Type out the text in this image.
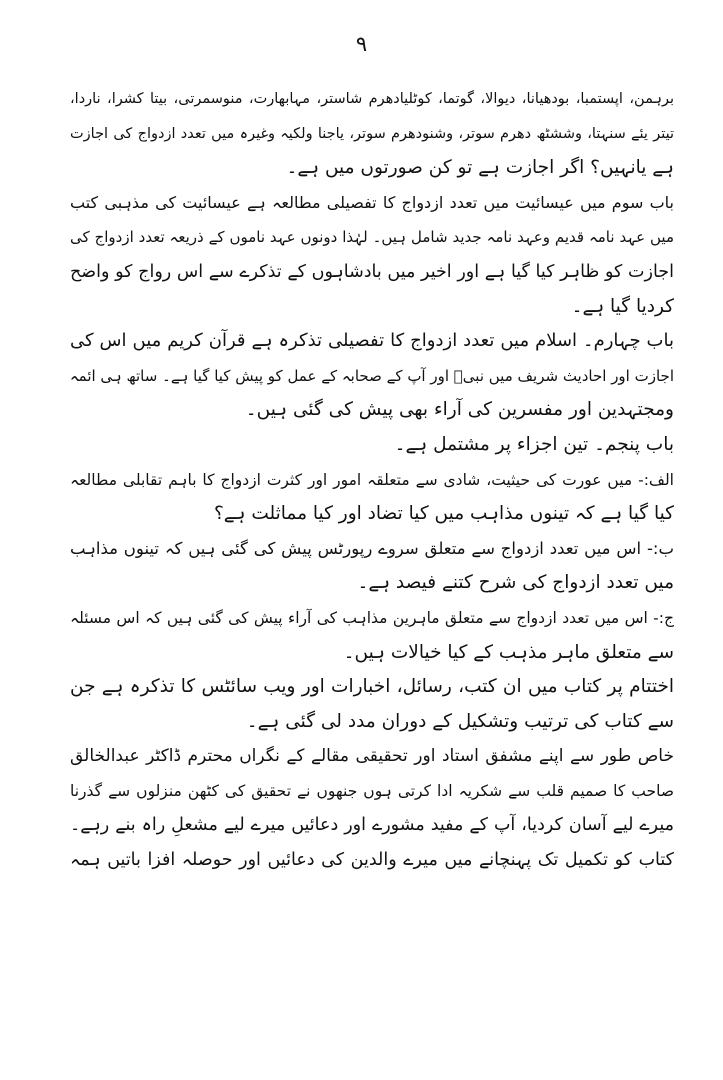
۹
برہمن، اپستمبا، بودھیانا، دیوالا، گوتما، کوٹلیادھرم شاستر، مہابھارت، منوسمرتی، بیتا کشرا، ناردا،
تیتر یئے سنہتا، وششٹھ دھرم سوتر، وشنودھرم سوتر، یاجنا ولکیہ وغیرہ میں تعدد ازدواج کی اجازت
ہے یانہیں؟ اگر اجازت ہے تو کن صورتوں میں ہے۔
باب سوم میں عیسائیت میں تعدد ازدواج کا تفصیلی مطالعہ ہے عیسائیت کی مذہبی کتب
میں عہد نامہ قدیم وعہد نامہ جدید شامل ہیں۔ لہٰذا دونوں عہد ناموں کے ذریعہ تعدد ازدواج کی
اجازت کو ظاہر کیا گیا ہے اور اخیر میں بادشاہوں کے تذکرے سے اس رواج کو واضح
کردیا گیا ہے۔
باب چہارم۔ اسلام میں تعدد ازدواج کا تفصیلی تذکرہ ہے قرآن کریم میں اس کی
اجازت اور احادیث شریف میں نبیؐ اور آپ کے صحابہ کے عمل کو پیش کیا گیا ہے۔ ساتھ ہی ائمہ
ومجتہدین اور مفسرین کی آراء بھی پیش کی گئی ہیں۔
باب پنجم۔ تین اجزاء پر مشتمل ہے۔
الف:- میں عورت کی حیثیت، شادی سے متعلقہ امور اور کثرت ازدواج کا باہم تقابلی مطالعہ
کیا گیا ہے کہ تینوں مذاہب میں کیا تضاد اور کیا مماثلت ہے؟
ب:- اس میں تعدد ازدواج سے متعلق سروے رپورٹس پیش کی گئی ہیں کہ تینوں مذاہب
میں تعدد ازدواج کی شرح کتنے فیصد ہے۔
ج:- اس میں تعدد ازدواج سے متعلق ماہرین مذاہب کی آراء پیش کی گئی ہیں کہ اس مسئلہ
سے متعلق ماہر مذہب کے کیا خیالات ہیں۔
اختتام پر کتاب میں ان کتب، رسائل، اخبارات اور ویب سائٹس کا تذکرہ ہے جن
سے کتاب کی ترتیب وتشکیل کے دوران مدد لی گئی ہے۔
خاص طور سے اپنے مشفق استاد اور تحقیقی مقالے کے نگراں محترم ڈاکٹر عبدالخالق
صاحب کا صمیم قلب سے شکریہ ادا کرتی ہوں جنھوں نے تحقیق کی کٹھن منزلوں سے گذرنا
میرے لیے آسان کردیا، آپ کے مفید مشورے اور دعائیں میرے لیے مشعلِ راہ بنے رہے۔
کتاب کو تکمیل تک پہنچانے میں میرے والدین کی دعائیں اور حوصلہ افزا باتیں ہمہ
